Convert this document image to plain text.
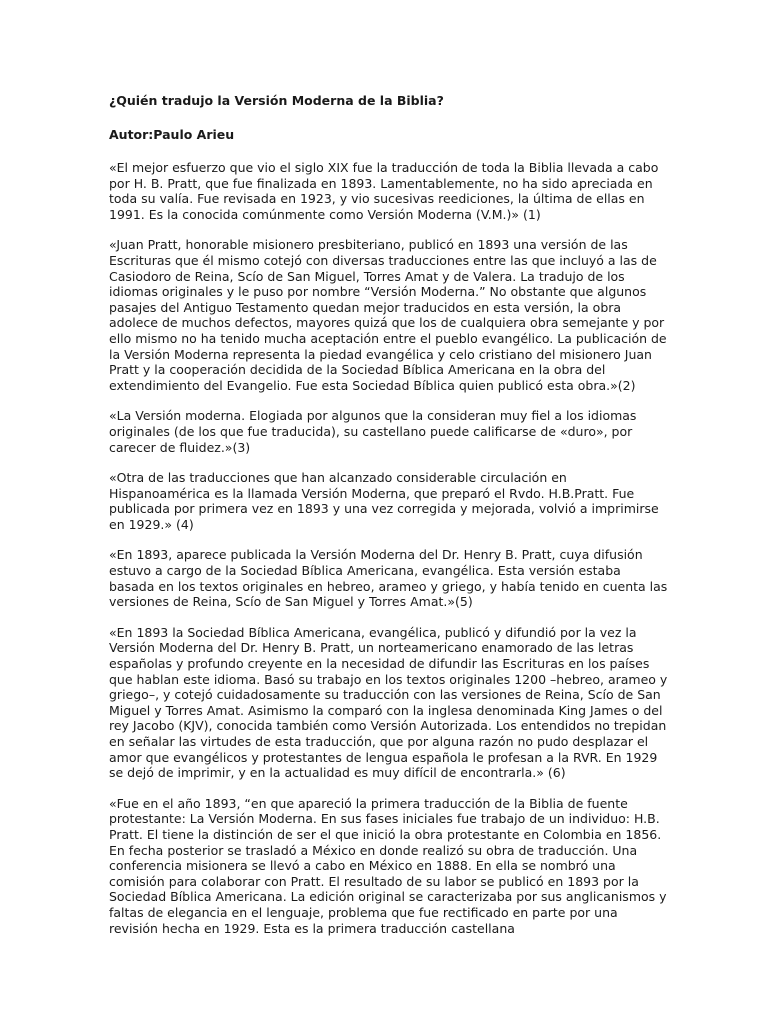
¿Quién tradujo la Versión Moderna de la Biblia?
Autor:Paulo Arieu

«El mejor esfuerzo que vio el siglo XIX fue la traducción de toda la Biblia llevada a cabo por H. B. Pratt, que fue finalizada en 1893. Lamentablemente, no ha sido apreciada en toda su valía. Fue revisada en 1923, y vio sucesivas reediciones, la última de ellas en 1991. Es la conocida comúnmente como Versión Moderna (V.M.)» (1)

«Juan Pratt, honorable misionero presbiteriano, publicó en 1893 una versión de las Escrituras que él mismo cotejó con diversas traducciones entre las que incluyó a las de Casiodoro de Reina, Scío de San Miguel, Torres Amat y de Valera. La tradujo de los idiomas originales y le puso por nombre “Versión Moderna.” No obstante que algunos pasajes del Antiguo Testamento quedan mejor traducidos en esta versión, la obra adolece de muchos defectos, mayores quizá que los de cualquiera obra semejante y por ello mismo no ha tenido mucha aceptación entre el pueblo evangélico. La publicación de la Versión Moderna representa la piedad evangélica y celo cristiano del misionero Juan Pratt y la cooperación decidida de la Sociedad Bíblica Americana en la obra del extendimiento del Evangelio. Fue esta Sociedad Bíblica quien publicó esta obra.»(2)

«La Versión moderna. Elogiada por algunos que la consideran muy fiel a los idiomas originales (de los que fue traducida), su castellano puede calificarse de «duro», por carecer de fluidez.»(3)

«Otra de las traducciones que han alcanzado considerable circulación en Hispanoamérica es la llamada Versión Moderna, que preparó el Rvdo. H.B.Pratt. Fue publicada por primera vez en 1893 y una vez corregida y mejorada, volvió a imprimirse en 1929.» (4)

«En 1893, aparece publicada la Versión Moderna del Dr. Henry B. Pratt, cuya difusión estuvo a cargo de la Sociedad Bíblica Americana, evangélica. Esta versión estaba basada en los textos originales en hebreo, arameo y griego, y había tenido en cuenta las versiones de Reina, Scío de San Miguel y Torres Amat.»(5)

«En 1893 la Sociedad Bíblica Americana, evangélica, publicó y difundió por la vez la Versión Moderna del Dr. Henry B. Pratt, un norteamericano enamorado de las letras españolas y profundo creyente en la necesidad de difundir las Escrituras en los países que hablan este idioma. Basó su trabajo en los textos originales 1200 –hebreo, arameo y griego–, y cotejó cuidadosamente su traducción con las versiones de Reina, Scío de San Miguel y Torres Amat. Asimismo la comparó con la inglesa denominada King James o del rey Jacobo (KJV), conocida también como Versión Autorizada. Los entendidos no trepidan en señalar las virtudes de esta traducción, que por alguna razón no pudo desplazar el amor que evangélicos y protestantes de lengua española le profesan a la RVR. En 1929 se dejó de imprimir, y en la actualidad es muy difícil de encontrarla.» (6)

«Fue en el año 1893, “en que apareció la primera traducción de la Biblia de fuente protestante: La Versión Moderna. En sus fases iniciales fue trabajo de un individuo: H.B. Pratt. El tiene la distinción de ser el que inició la obra protestante en Colombia en 1856. En fecha posterior se trasladó a México en donde realizó su obra de traducción. Una conferencia misionera se llevó a cabo en México en 1888. En ella se nombró una comisión para colaborar con Pratt. El resultado de su labor se publicó en 1893 por la Sociedad Bíblica Americana. La edición original se caracterizaba por sus anglicanismos y faltas de elegancia en el lenguaje, problema que fue rectificado en parte por una revisión hecha en 1929. Esta es la primera traducción castellana
